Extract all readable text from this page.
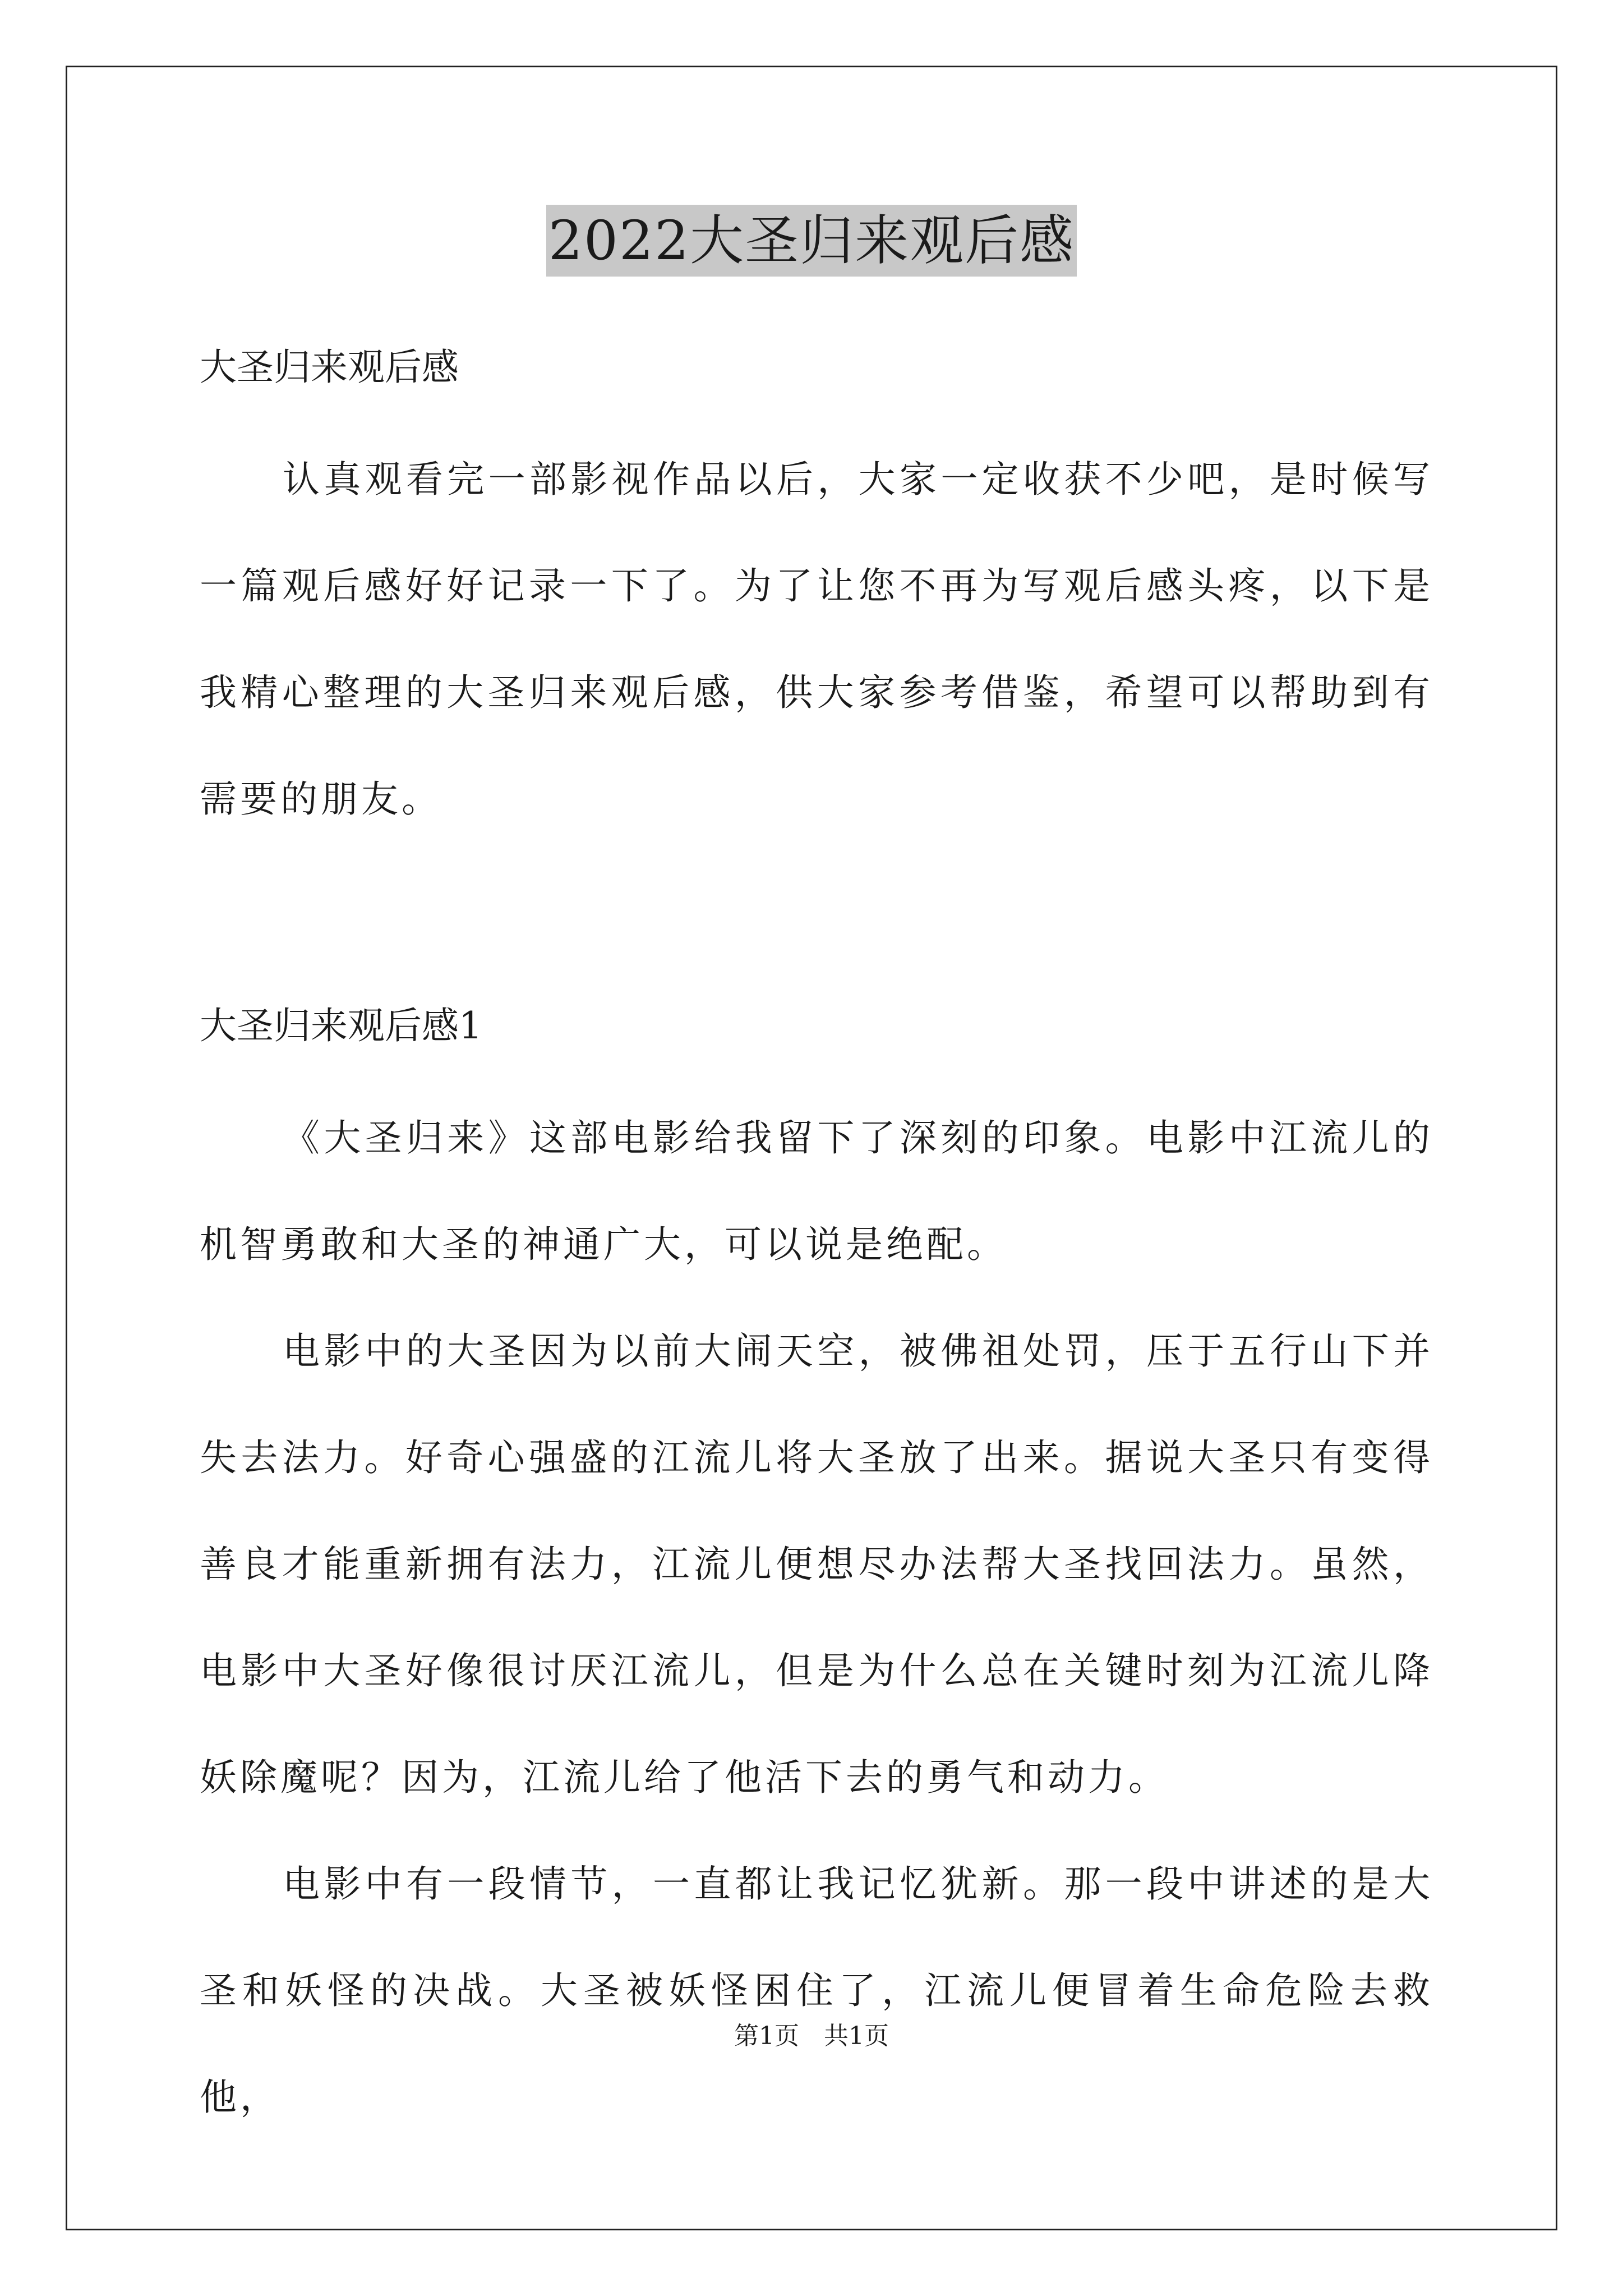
2022大圣归来观后感
大圣归来观后感

认真观看完一部影视作品以后，大家一定收获不少吧，是时候写一篇观后感好好记录一下了。为了让您不再为写观后感头疼，以下是我精心整理的大圣归来观后感，供大家参考借鉴，希望可以帮助到有需要的朋友。

大圣归来观后感1

《大圣归来》这部电影给我留下了深刻的印象。电影中江流儿的机智勇敢和大圣的神通广大，可以说是绝配。

电影中的大圣因为以前大闹天空，被佛祖处罚，压于五行山下并失去法力。好奇心强盛的江流儿将大圣放了出来。据说大圣只有变得善良才能重新拥有法力，江流儿便想尽办法帮大圣找回法力。虽然，电影中大圣好像很讨厌江流儿，但是为什么总在关键时刻为江流儿降妖除魔呢？因为，江流儿给了他活下去的勇气和动力。

电影中有一段情节，一直都让我记忆犹新。那一段中讲述的是大圣和妖怪的决战。大圣被妖怪困住了，江流儿便冒着生命危险去救他，

第1页　共1页
